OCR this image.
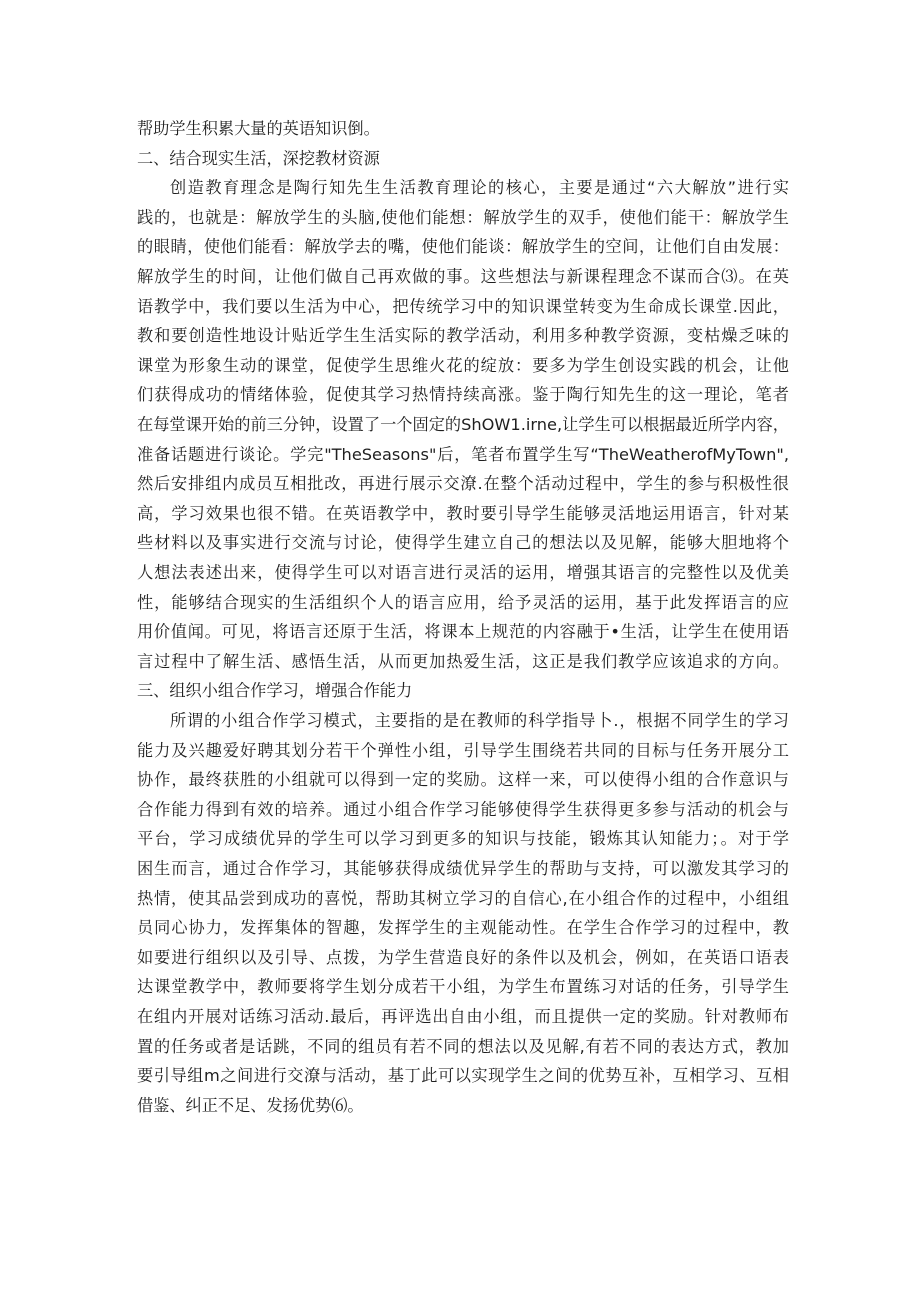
帮助学生积累大量的英语知识倒。
二、结合现实生活，深挖教材资源
创造教育理念是陶行知先生生活教育理论的核心，主要是通过“六大解放”进行实
践的，也就是：解放学生的头脑,使他们能想：解放学生的双手，使他们能干：解放学生
的眼睛，使他们能看：解放学去的嘴，使他们能谈：解放学生的空间，让他们自由发展：
解放学生的时间，让他们做自己再欢做的事。这些想法与新课程理念不谋而合⑶。在英
语教学中，我们要以生活为中心，把传统学习中的知识课堂转变为生命成长课堂.因此，
教和要创造性地设计贴近学生生活实际的教学活动，利用多种教学资源，变枯燥乏味的
课堂为形象生动的课堂，促使学生思维火花的绽放：要多为学生创设实践的机会，让他
们获得成功的情绪体验，促使其学习热情持续高涨。鉴于陶行知先生的这一理论，笔者
在每堂课开始的前三分钟，设置了一个固定的ShOW1.irne,让学生可以根据最近所学内容，
准备话题进行谈论。学完"TheSeasons"后，笔者布置学生写“TheWeatherofMyTown",
然后安排组内成员互相批改，再进行展示交潦.在整个活动过程中，学生的参与积极性很
高，学习效果也很不错。在英语教学中，教时要引导学生能够灵活地运用语言，针对某
些材料以及事实进行交流与讨论，使得学生建立自己的想法以及见解，能够大胆地将个
人想法表述出来，使得学生可以对语言进行灵活的运用，增强其语言的完整性以及优美
性，能够结合现实的生活组织个人的语言应用，给予灵活的运用，基于此发挥语言的应
用价值闻。可见，将语言还原于生活，将课本上规范的内容融于•生活，让学生在使用语
言过程中了解生活、感悟生活，从而更加热爱生活，这正是我们教学应该追求的方向。
三、组织小组合作学习，增强合作能力
所谓的小组合作学习模式，主要指的是在教师的科学指导卜.，根据不同学生的学习
能力及兴趣爱好聘其划分若干个弹性小组，引导学生围绕若共同的目标与任务开展分工
协作，最终获胜的小组就可以得到一定的奖励。这样一来，可以使得小组的合作意识与
合作能力得到有效的培养。通过小组合作学习能够使得学生获得更多参与活动的机会与
平台，学习成绩优异的学生可以学习到更多的知识与技能，锻炼其认知能力；。对于学
困生而言，通过合作学习，其能够获得成绩优异学生的帮助与支持，可以激发其学习的
热情，使其品尝到成功的喜悦，帮助其树立学习的自信心,在小组合作的过程中，小组组
员同心协力，发挥集体的智趣，发挥学生的主观能动性。在学生合作学习的过程中，教
如要进行组织以及引导、点拨，为学生营造良好的条件以及机会，例如，在英语口语表
达课堂教学中，教师要将学生划分成若干小组，为学生布置练习对话的任务，引导学生
在组内开展对话练习活动.最后，再评选出自由小组，而且提供一定的奖励。针对教师布
置的任务或者是话跳，不同的组员有若不同的想法以及见解,有若不同的表达方式，教加
要引导组m之间进行交潦与活动，基丁此可以实现学生之间的优势互补，互相学习、互相
借鉴、纠正不足、发扬优势⑹。
